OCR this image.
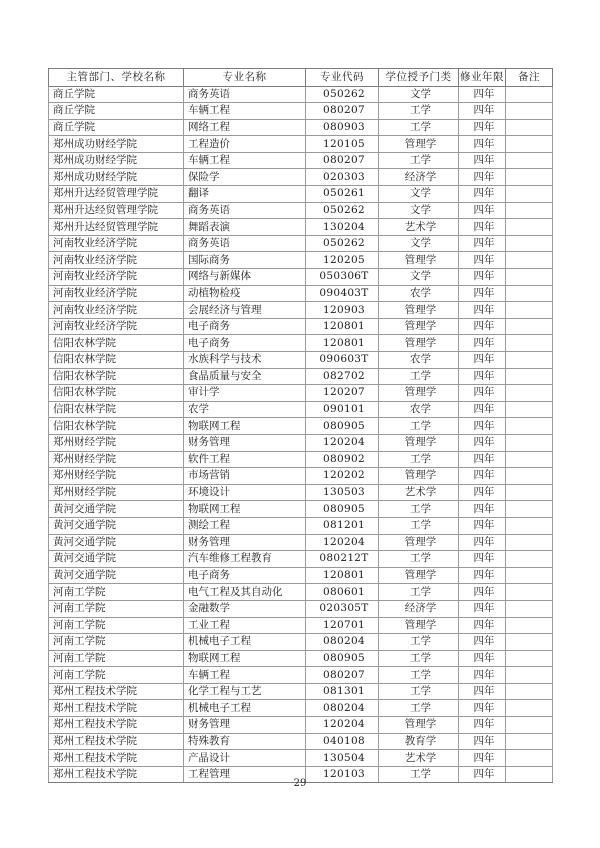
主管部门、学校名称	专业名称	专业代码	学位授予门类	修业年限	备注
商丘学院	商务英语	050262	文学	四年	
商丘学院	车辆工程	080207	工学	四年	
商丘学院	网络工程	080903	工学	四年	
郑州成功财经学院	工程造价	120105	管理学	四年	
郑州成功财经学院	车辆工程	080207	工学	四年	
郑州成功财经学院	保险学	020303	经济学	四年	
郑州升达经贸管理学院	翻译	050261	文学	四年	
郑州升达经贸管理学院	商务英语	050262	文学	四年	
郑州升达经贸管理学院	舞蹈表演	130204	艺术学	四年	
河南牧业经济学院	商务英语	050262	文学	四年	
河南牧业经济学院	国际商务	120205	管理学	四年	
河南牧业经济学院	网络与新媒体	050306T	文学	四年	
河南牧业经济学院	动植物检疫	090403T	农学	四年	
河南牧业经济学院	会展经济与管理	120903	管理学	四年	
河南牧业经济学院	电子商务	120801	管理学	四年	
信阳农林学院	电子商务	120801	管理学	四年	
信阳农林学院	水族科学与技术	090603T	农学	四年	
信阳农林学院	食晶质量与安全	082702	工学	四年	
信阳农林学院	审计学	120207	管理学	四年	
信阳农林学院	农学	090101	农学	四年	
信阳农林学院	物联网工程	080905	工学	四年	
郑州财经学院	财务管理	120204	管理学	四年	
郑州财经学院	软件工程	080902	工学	四年	
郑州财经学院	市场营销	120202	管理学	四年	
郑州财经学院	环境设计	130503	艺术学	四年	
黄河交通学院	物联网工程	080905	工学	四年	
黄河交通学院	测绘工程	081201	工学	四年	
黄河交通学院	财务管理	120204	管理学	四年	
黄河交通学院	汽车维修工程教育	080212T	工学	四年	
黄河交通学院	电子商务	120801	管理学	四年	
河南工学院	电气工程及其自动化	080601	工学	四年	
河南工学院	金融数学	020305T	经济学	四年	
河南工学院	工业工程	120701	管理学	四年	
河南工学院	机械电子工程	080204	工学	四年	
河南工学院	物联网工程	080905	工学	四年	
河南工学院	车辆工程	080207	工学	四年	
郑州工程技术学院	化学工程与工艺	081301	工学	四年	
郑州工程技术学院	机械电子工程	080204	工学	四年	
郑州工程技术学院	财务管理	120204	管理学	四年	
郑州工程技术学院	特殊教育	040108	教育学	四年	
郑州工程技术学院	产晶设计	130504	艺术学	四年	
郑州工程技术学院	工程管理	120103	工学	四年	
29
